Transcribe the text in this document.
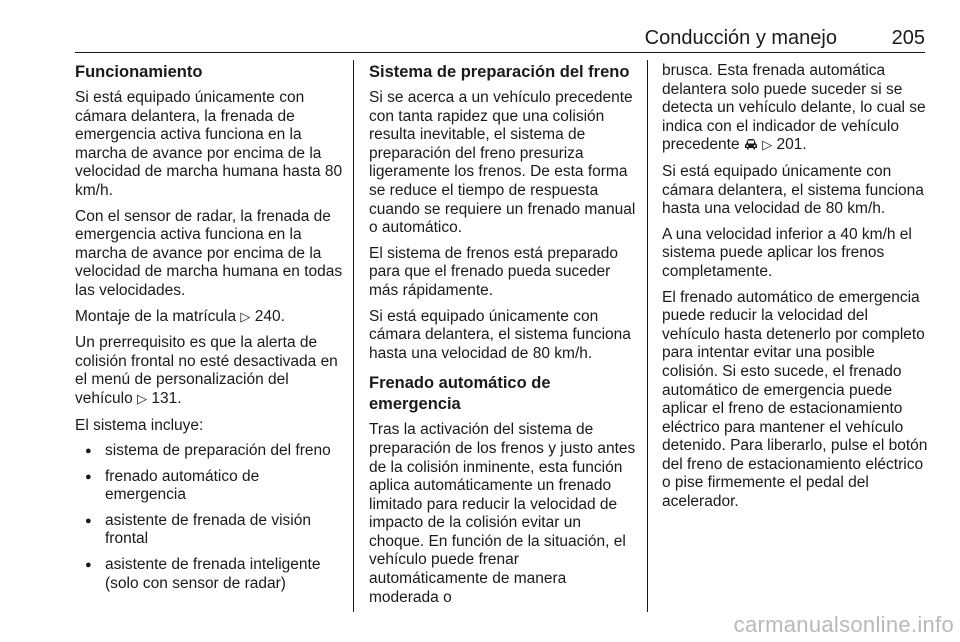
Conducción y manejo	205
Funcionamiento

Si está equipado únicamente con cámara delantera, la frenada de emergencia activa funciona en la marcha de avance por encima de la velocidad de marcha humana hasta 80 km/h.

Con el sensor de radar, la frenada de emergencia activa funciona en la marcha de avance por encima de la velocidad de marcha humana en todas las velocidades.

Montaje de la matrícula ▷ 240.

Un prerrequisito es que la alerta de colisión frontal no esté desactivada en el menú de personalización del vehículo ▷ 131.

El sistema incluye:

● sistema de preparación del freno
● frenado automático de emergencia
● asistente de frenada de visión frontal
● asistente de frenada inteligente (solo con sensor de radar)
Sistema de preparación del freno

Si se acerca a un vehículo precedente con tanta rapidez que una colisión resulta inevitable, el sistema de preparación del freno presuriza ligeramente los frenos. De esta forma se reduce el tiempo de respuesta cuando se requiere un frenado manual o automático.

El sistema de frenos está preparado para que el frenado pueda suceder más rápidamente.

Si está equipado únicamente con cámara delantera, el sistema funciona hasta una velocidad de 80 km/h.

Frenado automático de emergencia

Tras la activación del sistema de preparación de los frenos y justo antes de la colisión inminente, esta función aplica automáticamente un frenado limitado para reducir la velocidad de impacto de la colisión evitar un choque. En función de la situación, el vehículo puede frenar automáticamente de manera moderada o

brusca. Esta frenada automática delantera solo puede suceder si se detecta un vehículo delante, lo cual se indica con el indicador de vehículo precedente ▷ 201.

Si está equipado únicamente con cámara delantera, el sistema funciona hasta una velocidad de 80 km/h.

A una velocidad inferior a 40 km/h el sistema puede aplicar los frenos completamente.

El frenado automático de emergencia puede reducir la velocidad del vehículo hasta detenerlo por completo para intentar evitar una posible colisión. Si esto sucede, el frenado automático de emergencia puede aplicar el freno de estacionamiento eléctrico para mantener el vehículo detenido. Para liberarlo, pulse el botón del freno de estacionamiento eléctrico o pise firmemente el pedal del acelerador.

carmanualsonline.info
